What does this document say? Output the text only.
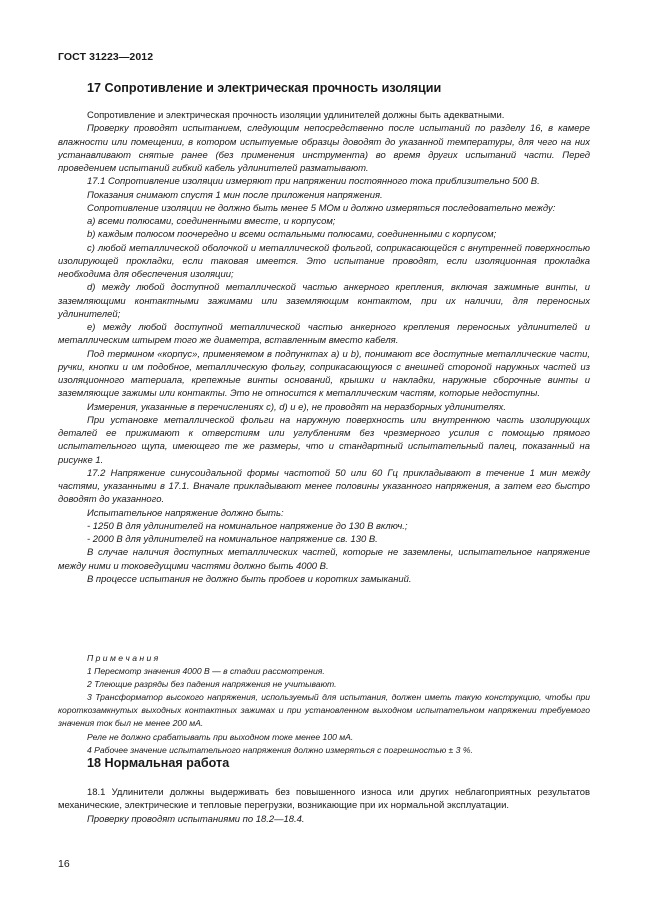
ГОСТ 31223—2012
17 Сопротивление и электрическая прочность изоляции

Сопротивление и электрическая прочность изоляции удлинителей должны быть адекватными.

Проверку проводят испытанием, следующим непосредственно после испытаний по разделу 16, в камере влажности или помещении, в котором испытуемые образцы доводят до указанной температуры, для чего на них устанавливают снятые ранее (без применения инструмента) во время других испытаний части. Перед проведением испытаний гибкий кабель удлинителей разматывают.

17.1 Сопротивление изоляции измеряют при напряжении постоянного тока приблизительно 500 В.

Показания снимают спустя 1 мин после приложения напряжения.

Сопротивление изоляции не должно быть менее 5 МОм и должно измеряться последовательно между:

a) всеми полюсами, соединенными вместе, и корпусом;

b) каждым полюсом поочередно и всеми остальными полюсами, соединенными с корпусом;

c) любой металлической оболочкой и металлической фольгой, соприкасающейся с внутренней поверхностью изолирующей прокладки, если таковая имеется. Это испытание проводят, если изоляционная прокладка необходима для обеспечения изоляции;

d) между любой доступной металлической частью анкерного крепления, включая зажимные винты, и заземляющими контактными зажимами или заземляющим контактом, при их наличии, для переносных удлинителей;

e) между любой доступной металлической частью анкерного крепления переносных удлинителей и металлическим штырем того же диаметра, вставленным вместо кабеля.

Под термином «корпус», применяемом в подпунктах a) и b), понимают все доступные металлические части, ручки, кнопки и им подобное, металлическую фольгу, соприкасающуюся с внешней стороной наружных частей из изоляционного материала, крепежные винты оснований, крышки и накладки, наружные сборочные винты и заземляющие зажимы или контакты. Это не относится к металлическим частям, которые недоступны.

Измерения, указанные в перечислениях c), d) и e), не проводят на неразборных удлинителях.

При установке металлической фольги на наружную поверхность или внутреннюю часть изолирующих деталей ее прижимают к отверстиям или углублениям без чрезмерного усилия с помощью прямого испытательного щупа, имеющего те же размеры, что и стандартный испытательный палец, показанный на рисунке 1.

17.2 Напряжение синусоидальной формы частотой 50 или 60 Гц прикладывают в течение 1 мин между частями, указанными в 17.1. Вначале прикладывают менее половины указанного напряжения, а затем его быстро доводят до указанного.

Испытательное напряжение должно быть:

- 1250 В для удлинителей на номинальное напряжение до 130 В включ.;

- 2000 В для удлинителей на номинальное напряжение св. 130 В.

В случае наличия доступных металлических частей, которые не заземлены, испытательное напряжение между ними и токоведущими частями должно быть 4000 В.

В процессе испытания не должно быть пробоев и коротких замыканий.

П р и м е ч а н и я

1 Пересмотр значения 4000 В — в стадии рассмотрения.

2 Тлеющие разряды без падения напряжения не учитывают.

3 Трансформатор высокого напряжения, используемый для испытания, должен иметь такую конструкцию, чтобы при короткозамкнутых выходных контактных зажимах и при установленном выходном испытательном напряжении требуемого значения ток был не менее 200 мА.

Реле не должно срабатывать при выходном токе менее 100 мА.

4 Рабочее значение испытательного напряжения должно измеряться с погрешностью ± 3 %.

18 Нормальная работа

18.1 Удлинители должны выдерживать без повышенного износа или других неблагоприятных результатов механические, электрические и тепловые перегрузки, возникающие при их нормальной эксплуатации.

Проверку проводят испытаниями по 18.2—18.4.

16
